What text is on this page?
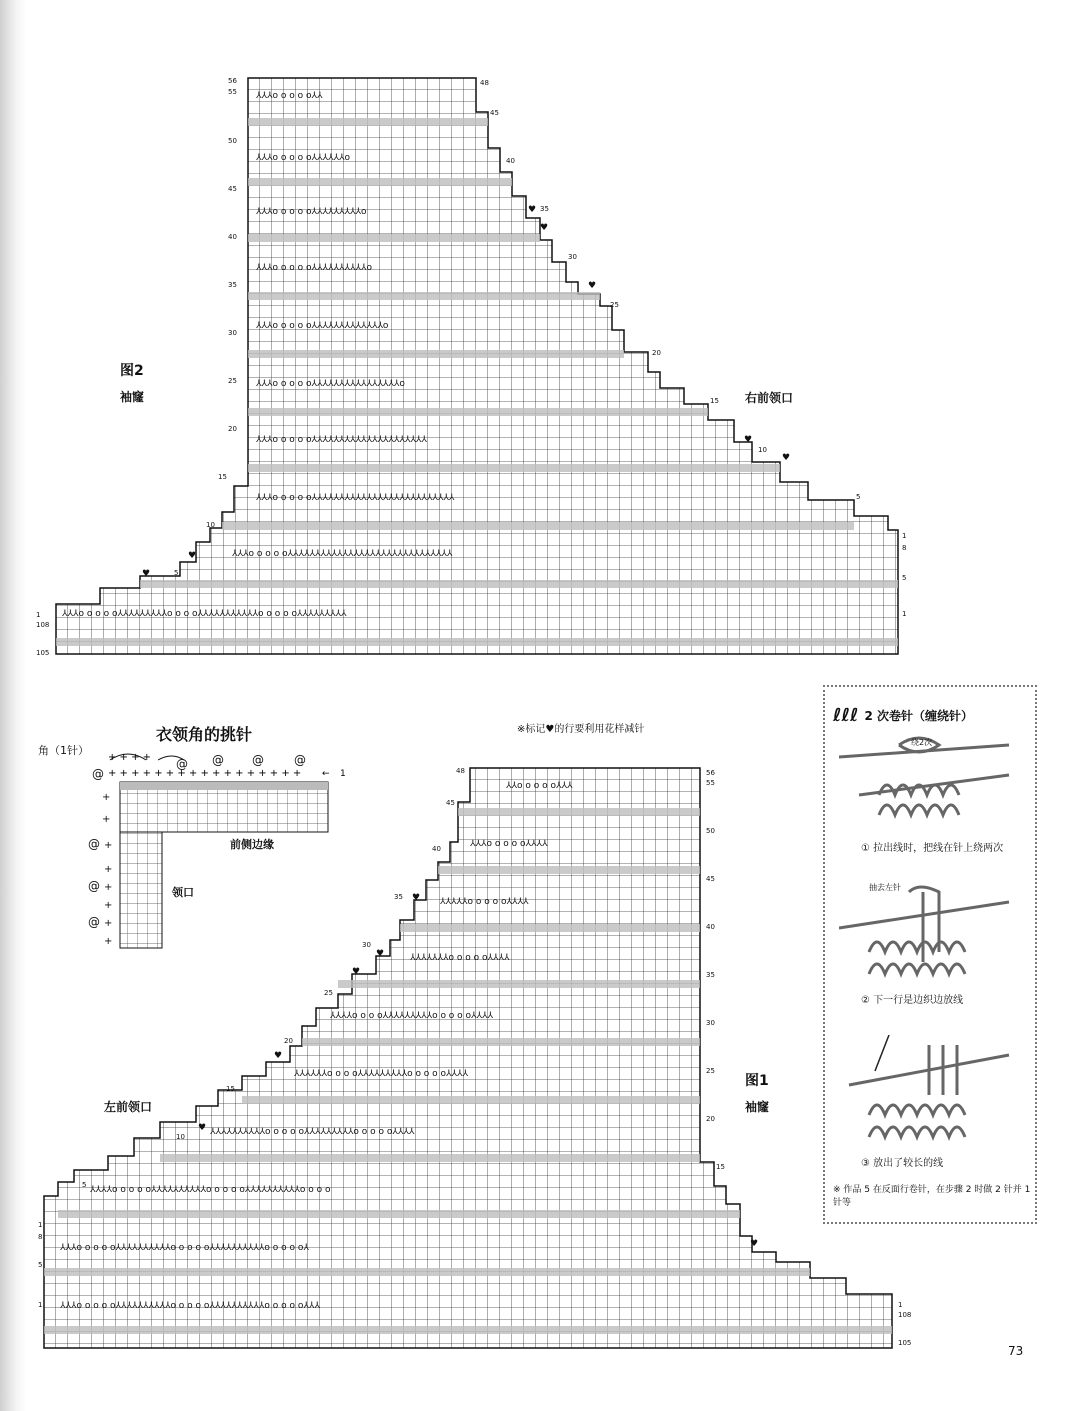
⅄⅄⅄o o o o o⅄⅄
⅄⅄⅄o o o o o⅄⅄⅄⅄⅄⅄o
⅄⅄⅄o o o o o⅄⅄⅄⅄⅄⅄⅄⅄⅄o
⅄⅄⅄o o o o o⅄⅄⅄⅄⅄⅄⅄⅄⅄⅄o
⅄⅄⅄o o o o o⅄⅄⅄⅄⅄⅄⅄⅄⅄⅄⅄⅄⅄o
⅄⅄⅄o o o o o⅄⅄⅄⅄⅄⅄⅄⅄⅄⅄⅄⅄⅄⅄⅄⅄o
⅄⅄⅄o o o o o⅄⅄⅄⅄⅄⅄⅄⅄⅄⅄⅄⅄⅄⅄⅄⅄⅄⅄⅄⅄⅄
⅄⅄⅄o o o o o⅄⅄⅄⅄⅄⅄⅄⅄⅄⅄⅄⅄⅄⅄⅄⅄⅄⅄⅄⅄⅄⅄⅄⅄⅄⅄
⅄⅄⅄o o o o o⅄⅄⅄⅄⅄⅄⅄⅄⅄⅄⅄⅄⅄⅄⅄⅄⅄⅄⅄⅄⅄⅄⅄⅄⅄⅄⅄⅄⅄⅄
⅄⅄⅄o o o o o⅄⅄⅄⅄⅄⅄⅄⅄⅄o o o o⅄⅄⅄⅄⅄⅄⅄⅄⅄⅄⅄o o o o o⅄⅄⅄⅄⅄⅄⅄⅄⅄
♥
♥
♥
♥
♥
♥
♥
56
55
50
45
40
35
30
25
20
15
10
5
1
108
105
48
45
40
35
30
25
20
15
10
5
1
8
5
1
图2
袖窿	右前领口
※标记♥的行要利用花样减针
衣领角的挑针
角（1针）
+ + + +
+ + + + + + + + + + + + + + + + + ← 1
@
@ @ @	@
@
@
@
+
+
+
+
+
+
+
+
前侧边缘
领口
⅄⅄o o o o o⅄⅄⅄
⅄⅄⅄o o o o o⅄⅄⅄⅄
⅄⅄⅄⅄⅄o o o o o⅄⅄⅄⅄
⅄⅄⅄⅄⅄⅄⅄o o o o o⅄⅄⅄⅄
⅄⅄⅄⅄o o o o⅄⅄⅄⅄⅄⅄⅄⅄⅄o o o o o⅄⅄⅄⅄
⅄⅄⅄⅄⅄⅄o o o o⅄⅄⅄⅄⅄⅄⅄⅄⅄o o o o o⅄⅄⅄⅄
⅄⅄⅄⅄⅄⅄⅄⅄⅄⅄o o o o o⅄⅄⅄⅄⅄⅄⅄⅄⅄o o o o o⅄⅄⅄⅄
⅄⅄⅄⅄o o o o o⅄⅄⅄⅄⅄⅄⅄⅄⅄⅄o o o o o⅄⅄⅄⅄⅄⅄⅄⅄⅄⅄o o o o
⅄⅄⅄o o o o o⅄⅄⅄⅄⅄⅄⅄⅄⅄⅄o o o o o⅄⅄⅄⅄⅄⅄⅄⅄⅄⅄o o o o o⅄
⅄⅄⅄o o o o o⅄⅄⅄⅄⅄⅄⅄⅄⅄⅄o o o o o⅄⅄⅄⅄⅄⅄⅄⅄⅄⅄o o o o o⅄⅄⅄
♥
♥
♥
♥
♥
♥
48
45
40
35
30
25
20
15
10
5
1
8
5
1
56
55
50
45
40
35
30
25
20
15
1
108
105
图1
袖窿
左前领口
ℓℓℓ 2 次卷针（缠绕针）
绕2次
① 拉出线时，把线在针上绕两次
抽去左针
② 下一行是边织边放线
③ 放出了较长的线
※ 作品 5 在反面行卷针，在步骤 2 时做 2 针并 1 针等
73
